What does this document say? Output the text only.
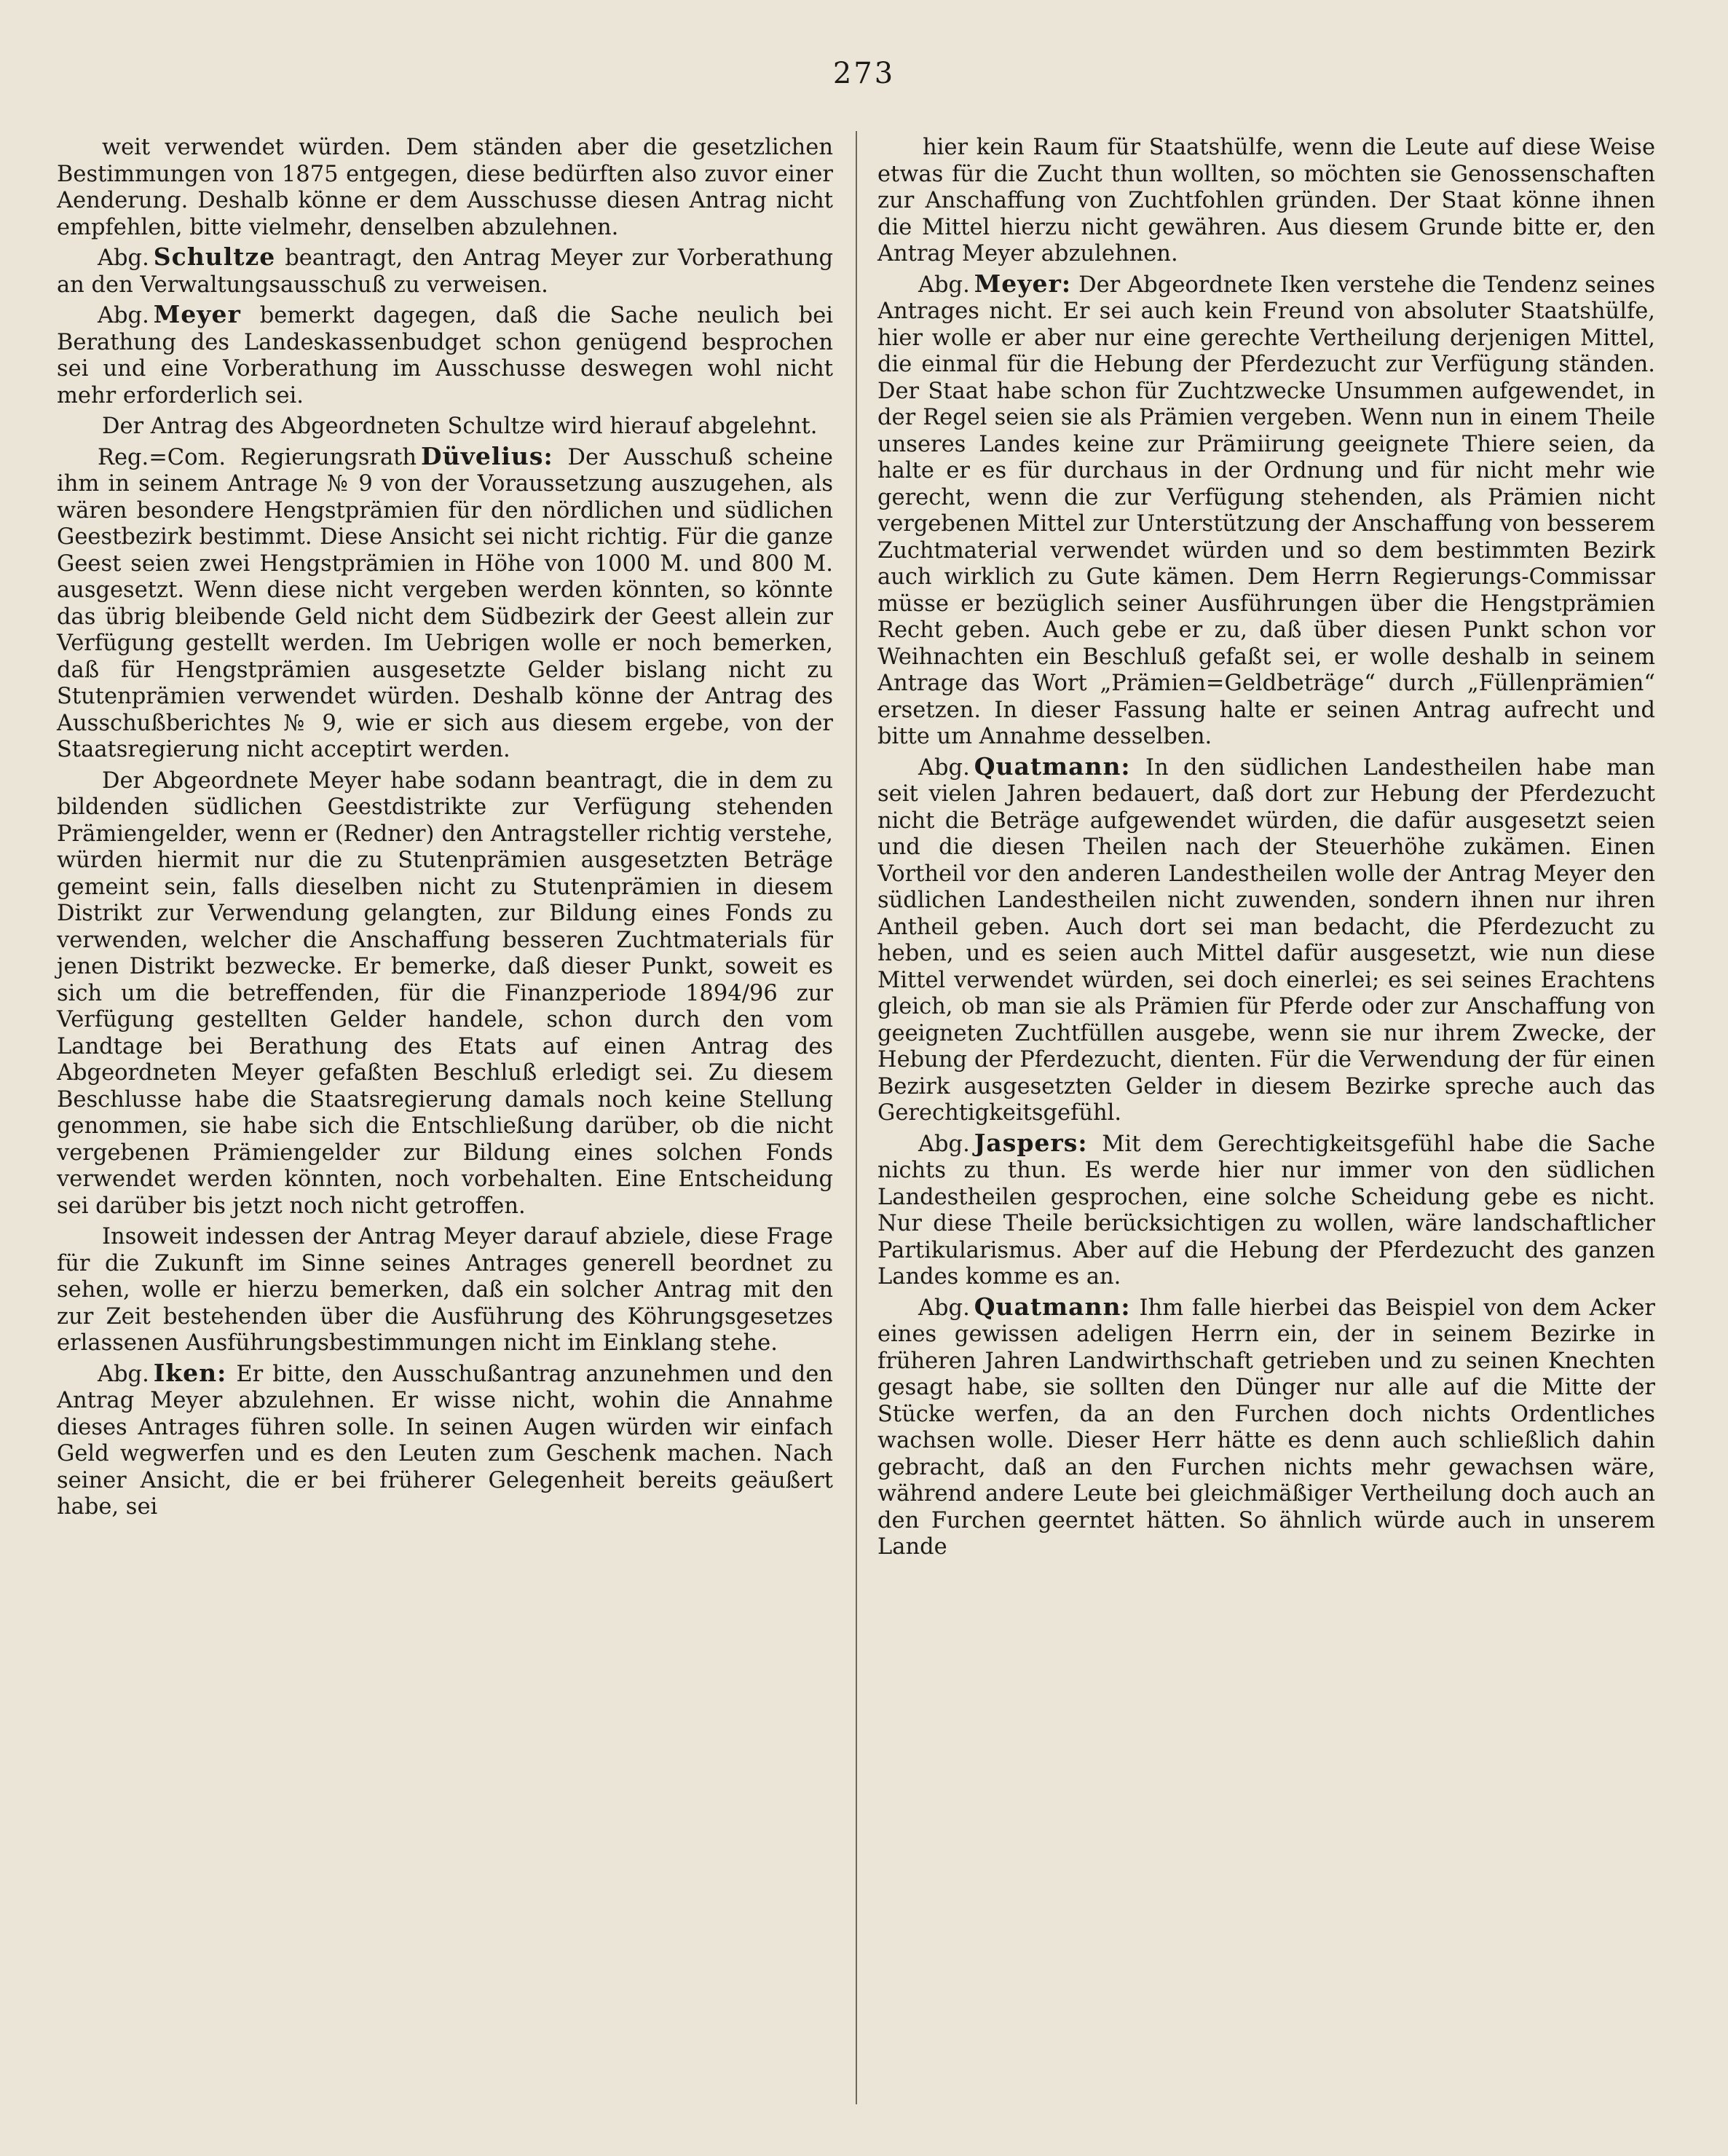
273

weit verwendet würden. Dem ständen aber die gesetzlichen Bestimmungen von 1875 entgegen, diese bedürften also zuvor einer Aenderung. Deshalb könne er dem Ausschusse diesen Antrag nicht empfehlen, bitte vielmehr, denselben abzulehnen.

Abg. Schultze beantragt, den Antrag Meyer zur Vorberathung an den Verwaltungsausschuß zu verweisen.

Abg. Meyer bemerkt dagegen, daß die Sache neulich bei Berathung des Landeskassenbudget schon genügend besprochen sei und eine Vorberathung im Ausschusse deswegen wohl nicht mehr erforderlich sei.

Der Antrag des Abgeordneten Schultze wird hierauf abgelehnt.

Reg.=Com. Regierungsrath Düvelius: Der Ausschuß scheine ihm in seinem Antrage № 9 von der Voraussetzung auszugehen, als wären besondere Hengstprämien für den nördlichen und südlichen Geestbezirk bestimmt. Diese Ansicht sei nicht richtig. Für die ganze Geest seien zwei Hengstprämien in Höhe von 1000 M. und 800 M. ausgesetzt. Wenn diese nicht vergeben werden könnten, so könnte das übrig bleibende Geld nicht dem Südbezirk der Geest allein zur Verfügung gestellt werden. Im Uebrigen wolle er noch bemerken, daß für Hengstprämien ausgesetzte Gelder bislang nicht zu Stutenprämien verwendet würden. Deshalb könne der Antrag des Ausschußberichtes № 9, wie er sich aus diesem ergebe, von der Staatsregierung nicht acceptirt werden.

Der Abgeordnete Meyer habe sodann beantragt, die in dem zu bildenden südlichen Geestdistrikte zur Verfügung stehenden Prämiengelder, wenn er (Redner) den Antragsteller richtig verstehe, würden hiermit nur die zu Stutenprämien ausgesetzten Beträge gemeint sein, falls dieselben nicht zu Stutenprämien in diesem Distrikt zur Verwendung gelangten, zur Bildung eines Fonds zu verwenden, welcher die Anschaffung besseren Zuchtmaterials für jenen Distrikt bezwecke. Er bemerke, daß dieser Punkt, soweit es sich um die betreffenden, für die Finanzperiode 1894/96 zur Verfügung gestellten Gelder handele, schon durch den vom Landtage bei Berathung des Etats auf einen Antrag des Abgeordneten Meyer gefaßten Beschluß erledigt sei. Zu diesem Beschlusse habe die Staatsregierung damals noch keine Stellung genommen, sie habe sich die Entschließung darüber, ob die nicht vergebenen Prämiengelder zur Bildung eines solchen Fonds verwendet werden könnten, noch vorbehalten. Eine Entscheidung sei darüber bis jetzt noch nicht getroffen.

Insoweit indessen der Antrag Meyer darauf abziele, diese Frage für die Zukunft im Sinne seines Antrages generell beordnet zu sehen, wolle er hierzu bemerken, daß ein solcher Antrag mit den zur Zeit bestehenden über die Ausführung des Köhrungsgesetzes erlassenen Ausführungsbestimmungen nicht im Einklang stehe.

Abg. Iken: Er bitte, den Ausschußantrag anzunehmen und den Antrag Meyer abzulehnen. Er wisse nicht, wohin die Annahme dieses Antrages führen solle. In seinen Augen würden wir einfach Geld wegwerfen und es den Leuten zum Geschenk machen. Nach seiner Ansicht, die er bei früherer Gelegenheit bereits geäußert habe, sei

hier kein Raum für Staatshülfe, wenn die Leute auf diese Weise etwas für die Zucht thun wollten, so möchten sie Genossenschaften zur Anschaffung von Zuchtfohlen gründen. Der Staat könne ihnen die Mittel hierzu nicht gewähren. Aus diesem Grunde bitte er, den Antrag Meyer abzulehnen.

Abg. Meyer: Der Abgeordnete Iken verstehe die Tendenz seines Antrages nicht. Er sei auch kein Freund von absoluter Staatshülfe, hier wolle er aber nur eine gerechte Vertheilung derjenigen Mittel, die einmal für die Hebung der Pferdezucht zur Verfügung ständen. Der Staat habe schon für Zuchtzwecke Unsummen aufgewendet, in der Regel seien sie als Prämien vergeben. Wenn nun in einem Theile unseres Landes keine zur Prämiirung geeignete Thiere seien, da halte er es für durchaus in der Ordnung und für nicht mehr wie gerecht, wenn die zur Verfügung stehenden, als Prämien nicht vergebenen Mittel zur Unterstützung der Anschaffung von besserem Zuchtmaterial verwendet würden und so dem bestimmten Bezirk auch wirklich zu Gute kämen. Dem Herrn Regierungs-Commissar müsse er bezüglich seiner Ausführungen über die Hengstprämien Recht geben. Auch gebe er zu, daß über diesen Punkt schon vor Weihnachten ein Beschluß gefaßt sei, er wolle deshalb in seinem Antrage das Wort „Prämien=Geldbeträge“ durch „Füllenprämien“ ersetzen. In dieser Fassung halte er seinen Antrag aufrecht und bitte um Annahme desselben.

Abg. Quatmann: In den südlichen Landestheilen habe man seit vielen Jahren bedauert, daß dort zur Hebung der Pferdezucht nicht die Beträge aufgewendet würden, die dafür ausgesetzt seien und die diesen Theilen nach der Steuerhöhe zukämen. Einen Vortheil vor den anderen Landestheilen wolle der Antrag Meyer den südlichen Landestheilen nicht zuwenden, sondern ihnen nur ihren Antheil geben. Auch dort sei man bedacht, die Pferdezucht zu heben, und es seien auch Mittel dafür ausgesetzt, wie nun diese Mittel verwendet würden, sei doch einerlei; es sei seines Erachtens gleich, ob man sie als Prämien für Pferde oder zur Anschaffung von geeigneten Zuchtfüllen ausgebe, wenn sie nur ihrem Zwecke, der Hebung der Pferdezucht, dienten. Für die Verwendung der für einen Bezirk ausgesetzten Gelder in diesem Bezirke spreche auch das Gerechtigkeitsgefühl.

Abg. Jaspers: Mit dem Gerechtigkeitsgefühl habe die Sache nichts zu thun. Es werde hier nur immer von den südlichen Landestheilen gesprochen, eine solche Scheidung gebe es nicht. Nur diese Theile berücksichtigen zu wollen, wäre landschaftlicher Partikularismus. Aber auf die Hebung der Pferdezucht des ganzen Landes komme es an.

Abg. Quatmann: Ihm falle hierbei das Beispiel von dem Acker eines gewissen adeligen Herrn ein, der in seinem Bezirke in früheren Jahren Landwirthschaft getrieben und zu seinen Knechten gesagt habe, sie sollten den Dünger nur alle auf die Mitte der Stücke werfen, da an den Furchen doch nichts Ordentliches wachsen wolle. Dieser Herr hätte es denn auch schließlich dahin gebracht, daß an den Furchen nichts mehr gewachsen wäre, während andere Leute bei gleichmäßiger Vertheilung doch auch an den Furchen geerntet hätten. So ähnlich würde auch in unserem Lande
